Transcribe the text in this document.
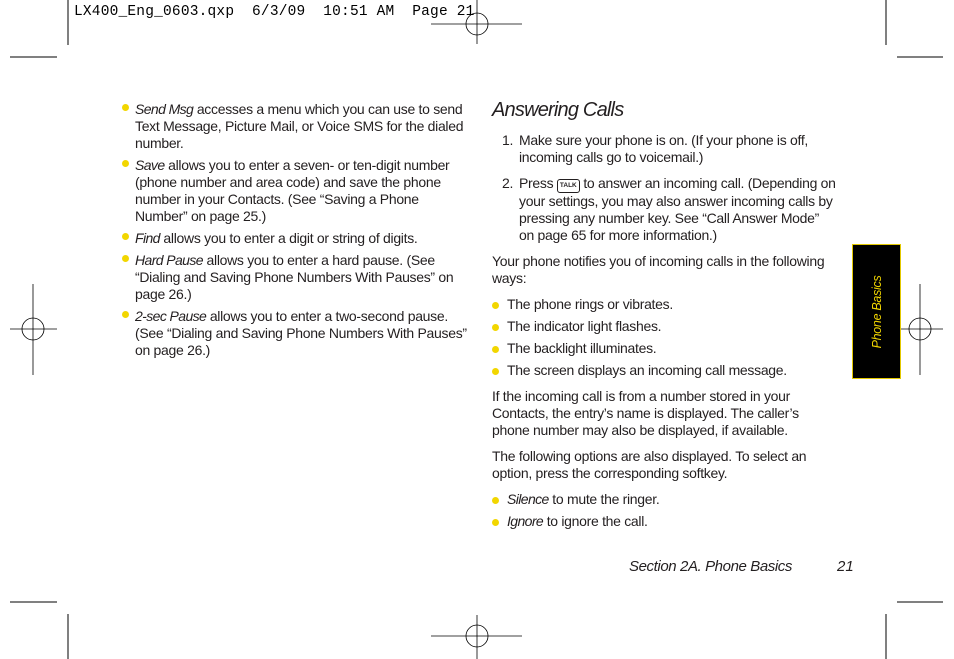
LX400_Eng_0603.qxp  6/3/09  10:51 AM  Page 21
Send Msg accesses a menu which you can use to send Text Message, Picture Mail, or Voice SMS for the dialed number.
Save allows you to enter a seven- or ten-digit number (phone number and area code) and save the phone number in your Contacts. (See “Saving a Phone Number” on page 25.)
Find allows you to enter a digit or string of digits.
Hard Pause allows you to enter a hard pause. (See “Dialing and Saving Phone Numbers With Pauses” on page 26.)
2-sec Pause allows you to enter a two-second pause. (See “Dialing and Saving Phone Numbers With Pauses” on page 26.)
Answering Calls
1. Make sure your phone is on. (If your phone is off, incoming calls go to voicemail.)
2. Press TALK to answer an incoming call. (Depending on your settings, you may also answer incoming calls by pressing any number key. See “Call Answer Mode” on page 65 for more information.)

Your phone notifies you of incoming calls in the following ways:

The phone rings or vibrates.
The indicator light flashes.
The backlight illuminates.
The screen displays an incoming call message.

If the incoming call is from a number stored in your Contacts, the entry’s name is displayed. The caller’s phone number may also be displayed, if available.

The following options are also displayed. To select an option, press the corresponding softkey.

Silence to mute the ringer.
Ignore to ignore the call.
Phone Basics
Section 2A. Phone Basics	21
